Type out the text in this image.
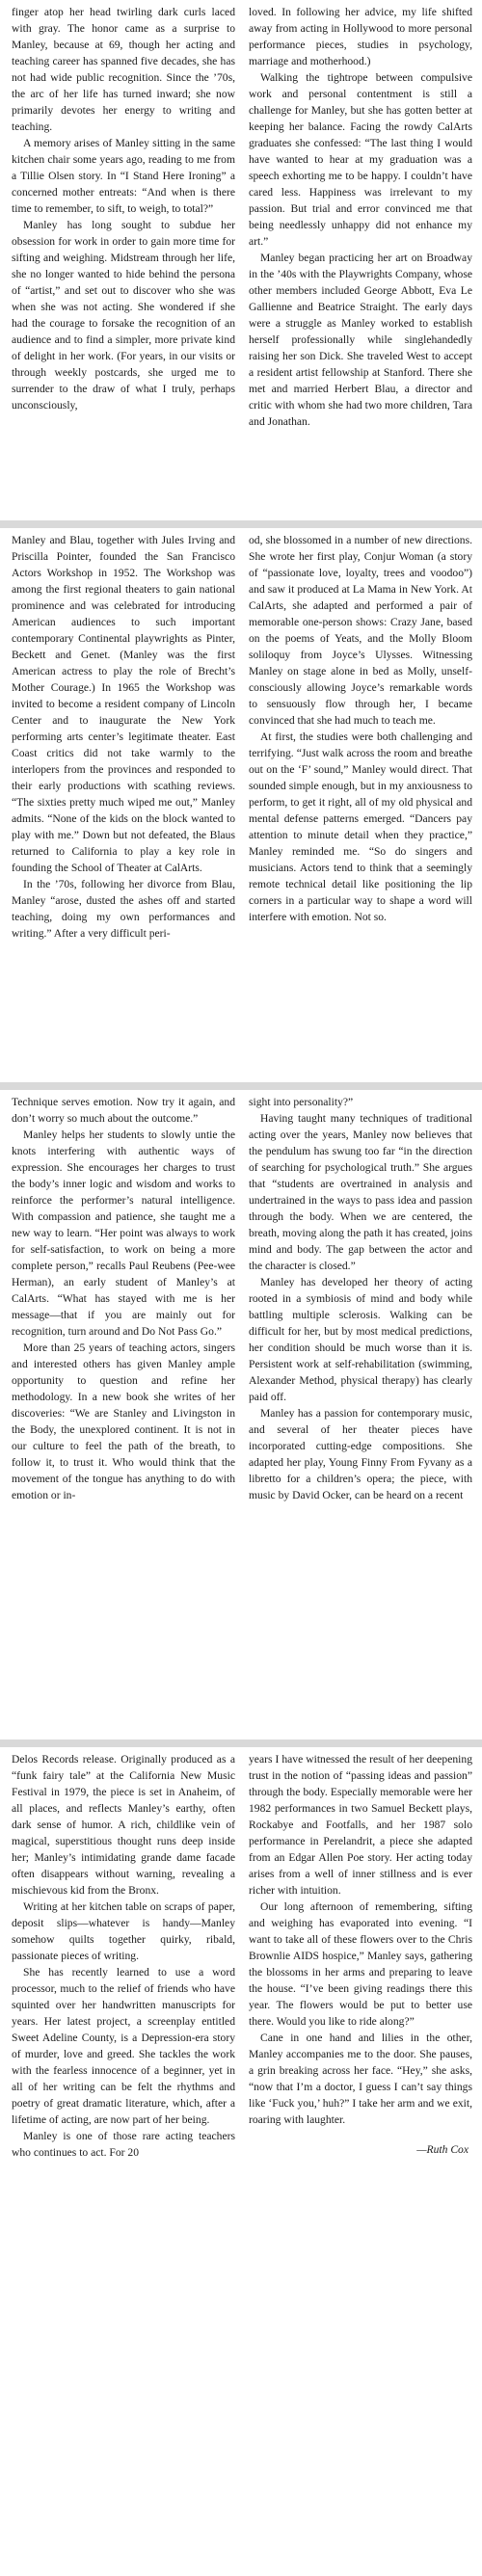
finger atop her head twirling dark curls laced with gray. The honor came as a surprise to Manley, because at 69, though her acting and teaching career has spanned five decades, she has not had wide public recognition. Since the ’70s, the arc of her life has turned inward; she now primarily devotes her energy to writing and teaching.

A memory arises of Manley sitting in the same kitchen chair some years ago, reading to me from a Tillie Olsen story. In “I Stand Here Ironing” a concerned mother entreats: “And when is there time to remember, to sift, to weigh, to total?”

Manley has long sought to subdue her obsession for work in order to gain more time for sifting and weighing. Midstream through her life, she no longer wanted to hide behind the persona of “artist,” and set out to discover who she was when she was not acting. She wondered if she had the courage to forsake the recognition of an audience and to find a simpler, more private kind of delight in her work. (For years, in our visits or through weekly postcards, she urged me to surrender to the draw of what I truly, perhaps unconsciously,

loved. In following her advice, my life shifted away from acting in Hollywood to more personal performance pieces, studies in psychology, marriage and motherhood.)

Walking the tightrope between compulsive work and personal contentment is still a challenge for Manley, but she has gotten better at keeping her balance. Facing the rowdy CalArts graduates she confessed: “The last thing I would have wanted to hear at my graduation was a speech exhorting me to be happy. I couldn’t have cared less. Happiness was irrelevant to my passion. But trial and error convinced me that being needlessly unhappy did not enhance my art.”

Manley began practicing her art on Broadway in the ’40s with the Playwrights Company, whose other members included George Abbott, Eva Le Gallienne and Beatrice Straight. The early days were a struggle as Manley worked to establish herself professionally while singlehandedly raising her son Dick. She traveled West to accept a resident artist fellowship at Stanford. There she met and married Herbert Blau, a director and critic with whom she had two more children, Tara and Jonathan.

Manley and Blau, together with Jules Irving and Priscilla Pointer, founded the San Francisco Actors Workshop in 1952. The Workshop was among the first regional theaters to gain national prominence and was celebrated for introducing American audiences to such important contemporary Continental playwrights as Pinter, Beckett and Genet. (Manley was the first American actress to play the role of Brecht’s Mother Courage.) In 1965 the Workshop was invited to become a resident company of Lincoln Center and to inaugurate the New York performing arts center’s legitimate theater. East Coast critics did not take warmly to the interlopers from the provinces and responded to their early productions with scathing reviews. “The sixties pretty much wiped me out,” Manley admits. “None of the kids on the block wanted to play with me.” Down but not defeated, the Blaus returned to California to play a key role in founding the School of Theater at CalArts.

In the ’70s, following her divorce from Blau, Manley “arose, dusted the ashes off and started teaching, doing my own performances and writing.” After a very difficult peri-

od, she blossomed in a number of new directions. She wrote her first play, Conjur Woman (a story of “passionate love, loyalty, trees and voodoo”) and saw it produced at La Mama in New York. At CalArts, she adapted and performed a pair of memorable one-person shows: Crazy Jane, based on the poems of Yeats, and the Molly Bloom soliloquy from Joyce’s Ulysses. Witnessing Manley on stage alone in bed as Molly, unself-consciously allowing Joyce’s remarkable words to sensuously flow through her, I became convinced that she had much to teach me.

At first, the studies were both challenging and terrifying. “Just walk across the room and breathe out on the ‘F’ sound,” Manley would direct. That sounded simple enough, but in my anxiousness to perform, to get it right, all of my old physical and mental defense patterns emerged. “Dancers pay attention to minute detail when they practice,” Manley reminded me. “So do singers and musicians. Actors tend to think that a seemingly remote technical detail like positioning the lip corners in a particular way to shape a word will interfere with emotion. Not so.

Technique serves emotion. Now try it again, and don’t worry so much about the outcome.”

Manley helps her students to slowly untie the knots interfering with authentic ways of expression. She encourages her charges to trust the body’s inner logic and wisdom and works to reinforce the performer’s natural intelligence. With compassion and patience, she taught me a new way to learn. “Her point was always to work for self-satisfaction, to work on being a more complete person,” recalls Paul Reubens (Pee-wee Herman), an early student of Manley’s at CalArts. “What has stayed with me is her message—that if you are mainly out for recognition, turn around and Do Not Pass Go.”

More than 25 years of teaching actors, singers and interested others has given Manley ample opportunity to question and refine her methodology. In a new book she writes of her discoveries: “We are Stanley and Livingston in the Body, the unexplored continent. It is not in our culture to feel the path of the breath, to follow it, to trust it. Who would think that the movement of the tongue has anything to do with emotion or in-

sight into personality?”

Having taught many techniques of traditional acting over the years, Manley now believes that the pendulum has swung too far “in the direction of searching for psychological truth.” She argues that “students are overtrained in analysis and undertrained in the ways to pass idea and passion through the body. When we are centered, the breath, moving along the path it has created, joins mind and body. The gap between the actor and the character is closed.”

Manley has developed her theory of acting rooted in a symbiosis of mind and body while battling multiple sclerosis. Walking can be difficult for her, but by most medical predictions, her condition should be much worse than it is. Persistent work at self-rehabilitation (swimming, Alexander Method, physical therapy) has clearly paid off.

Manley has a passion for contemporary music, and several of her theater pieces have incorporated cutting-edge compositions. She adapted her play, Young Finny From Fyvany as a libretto for a children’s opera; the piece, with music by David Ocker, can be heard on a recent

Delos Records release. Originally produced as a “funk fairy tale” at the California New Music Festival in 1979, the piece is set in Anaheim, of all places, and reflects Manley’s earthy, often dark sense of humor. A rich, childlike vein of magical, superstitious thought runs deep inside her; Manley’s intimidating grande dame facade often disappears without warning, revealing a mischievous kid from the Bronx.

Writing at her kitchen table on scraps of paper, deposit slips—whatever is handy—Manley somehow quilts together quirky, ribald, passionate pieces of writing.

She has recently learned to use a word processor, much to the relief of friends who have squinted over her handwritten manuscripts for years. Her latest project, a screenplay entitled Sweet Adeline County, is a Depression-era story of murder, love and greed. She tackles the work with the fearless innocence of a beginner, yet in all of her writing can be felt the rhythms and poetry of great dramatic literature, which, after a lifetime of acting, are now part of her being.

Manley is one of those rare acting teachers who continues to act. For 20

years I have witnessed the result of her deepening trust in the notion of “passing ideas and passion” through the body. Especially memorable were her 1982 performances in two Samuel Beckett plays, Rockabye and Footfalls, and her 1987 solo performance in Perelandrit, a piece she adapted from an Edgar Allen Poe story. Her acting today arises from a well of inner stillness and is ever richer with intuition.

Our long afternoon of remembering, sifting and weighing has evaporated into evening. “I want to take all of these flowers over to the Chris Brownlie AIDS hospice,” Manley says, gathering the blossoms in her arms and preparing to leave the house. “I’ve been giving readings there this year. The flowers would be put to better use there. Would you like to ride along?”

Cane in one hand and lilies in the other, Manley accompanies me to the door. She pauses, a grin breaking across her face. “Hey,” she asks, “now that I’m a doctor, I guess I can’t say things like ‘Fuck you,’ huh?” I take her arm and we exit, roaring with laughter.

—Ruth Cox
